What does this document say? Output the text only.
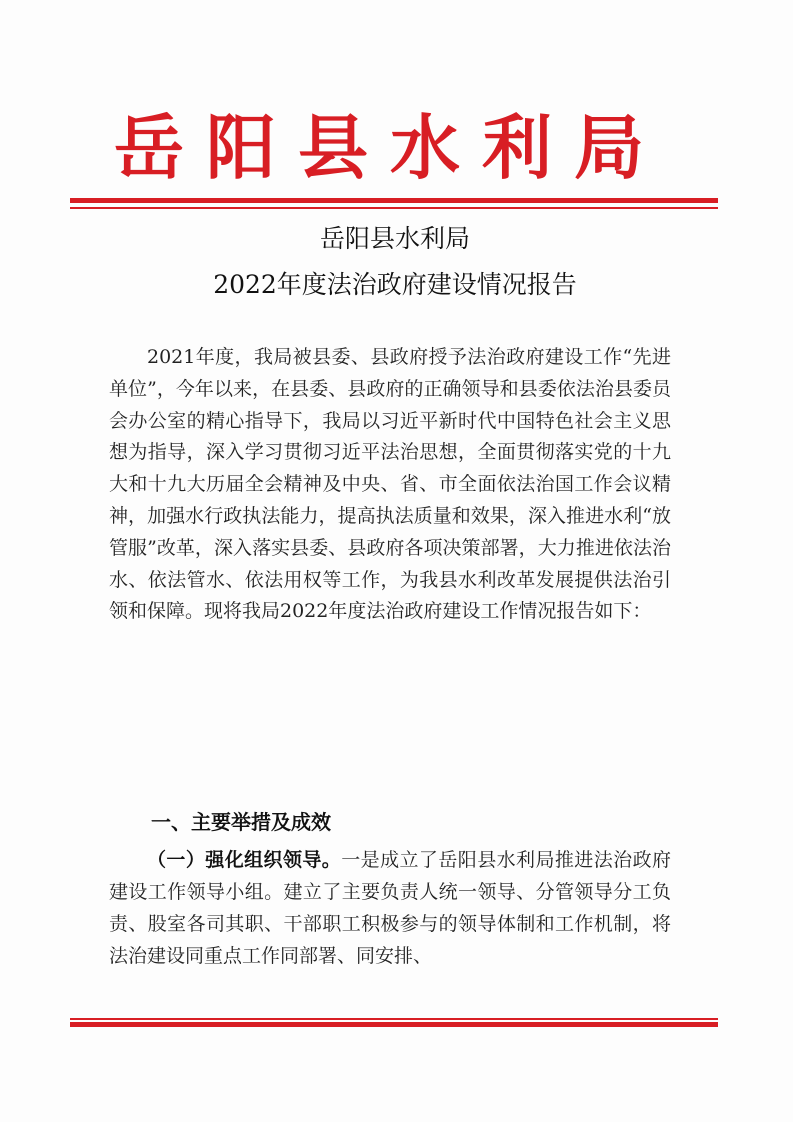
岳阳县水利局
岳阳县水利局
2022年度法治政府建设情况报告
2021年度，我局被县委、县政府授予法治政府建设工作“先进单位”，今年以来，在县委、县政府的正确领导和县委依法治县委员会办公室的精心指导下，我局以习近平新时代中国特色社会主义思想为指导，深入学习贯彻习近平法治思想，全面贯彻落实党的十九大和十九大历届全会精神及中央、省、市全面依法治国工作会议精神，加强水行政执法能力，提高执法质量和效果，深入推进水利“放管服”改革，深入落实县委、县政府各项决策部署，大力推进依法治水、依法管水、依法用权等工作，为我县水利改革发展提供法治引领和保障。现将我局2022年度法治政府建设工作情况报告如下：
一、主要举措及成效
（一）强化组织领导。一是成立了岳阳县水利局推进法治政府建设工作领导小组。建立了主要负责人统一领导、分管领导分工负责、股室各司其职、干部职工积极参与的领导体制和工作机制，将法治建设同重点工作同部署、同安排、
